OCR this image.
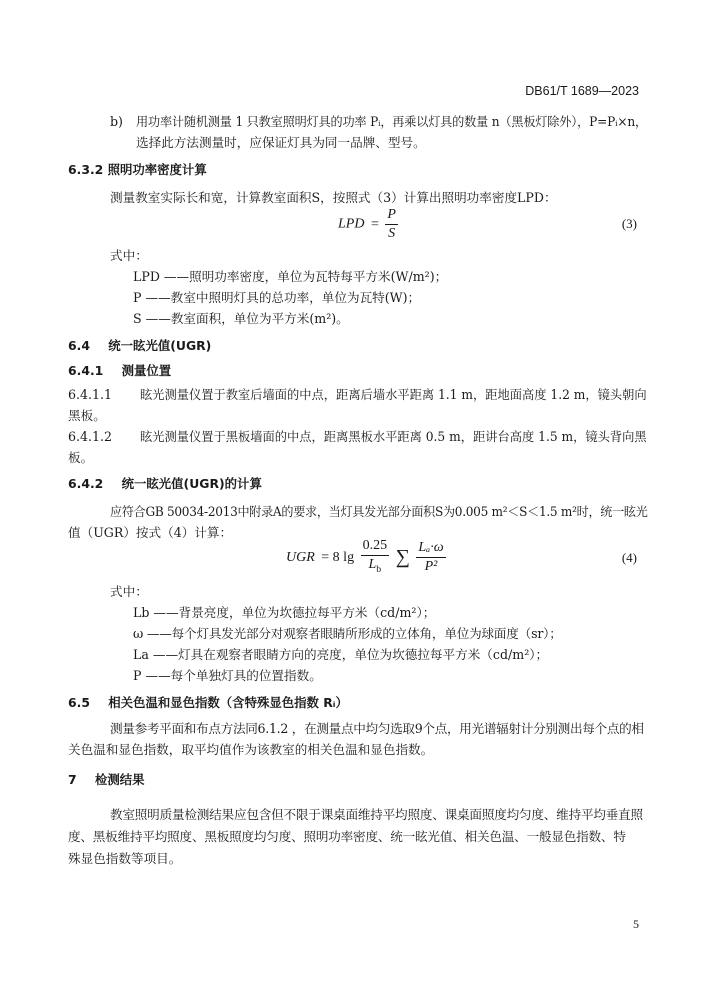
DB61/T 1689—2023
b) 用功率计随机测量 1 只教室照明灯具的功率 Pᵢ，再乘以灯具的数量 n（黑板灯除外），P=Pᵢ×n，
选择此方法测量时，应保证灯具为同一品牌、型号。
6.3.2 照明功率密度计算
测量教室实际长和宽，计算教室面积S，按照式（3）计算出照明功率密度LPD：
LPD = $\frac{P}{S}$	(3)
式中：
LPD ——照明功率密度，单位为瓦特每平方米(W/m²)；
P ——教室中照明灯具的总功率，单位为瓦特(W)；
S ——教室面积，单位为平方米(m²)。
6.4 统一眩光值(UGR)
6.4.1 测量位置
6.4.1.1 眩光测量仪置于教室后墙面的中点，距离后墙水平距离 1.1 m，距地面高度 1.2 m，镜头朝向
黑板。
6.4.1.2 眩光测量仪置于黑板墙面的中点，距离黑板水平距离 0.5 m，距讲台高度 1.5 m，镜头背向黑
板。
6.4.2 统一眩光值(UGR)的计算
应符合GB 50034-2013中附录A的要求，当灯具发光部分面积S为0.005 m²＜S＜1.5 m²时，统一眩光
值（UGR）按式（4）计算：
UGR = 8 $\lg \frac{0.25}{L_b}$ ∑ $\frac{\text{Lₐ·ω}}{\text{P²}}$	(4)
式中：
Lb ——背景亮度，单位为坎德拉每平方米（cd/m²）；
ω ——每个灯具发光部分对观察者眼睛所形成的立体角，单位为球面度（sr）；
La ——灯具在观察者眼睛方向的亮度，单位为坎德拉每平方米（cd/m²）；
P ——每个单独灯具的位置指数。
6.5 相关色温和显色指数（含特殊显色指数 Rᵢ）
测量参考平面和布点方法同6.1.2 ，在测量点中均匀选取9个点，用光谱辐射计分别测出每个点的相
关色温和显色指数，取平均值作为该教室的相关色温和显色指数。
7 检测结果
教室照明质量检测结果应包含但不限于课桌面维持平均照度、课桌面照度均匀度、维持平均垂直照
度、黑板维持平均照度、黑板照度均匀度、照明功率密度、统一眩光值、相关色温、一般显色指数、特
殊显色指数等项目。
5
